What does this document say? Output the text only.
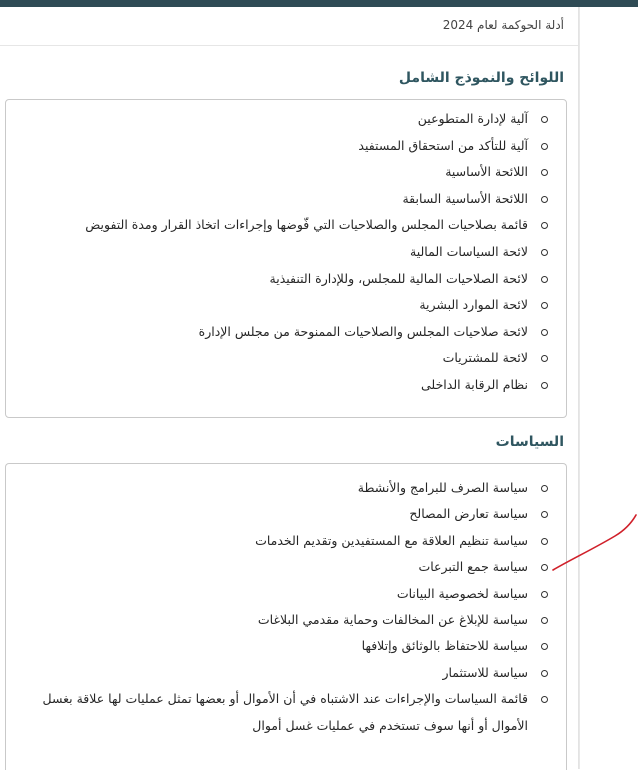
أدلة الحوكمة لعام 2024
اللوائح والنموذج الشامل
آلية لإدارة المتطوعين
آلية للتأكد من استحقاق المستفيد
اللائحة الأساسية
اللائحة الأساسية السابقة
قائمة بصلاحيات المجلس والصلاحيات التي فّوضها وإجراءات اتخاذ القرار ومدة التفويض
لائحة السياسات المالية
لائحة الصلاحيات المالية للمجلس، وللإدارة التنفيذية
لائحة الموارد البشرية
لائحة صلاحيات المجلس والصلاحيات الممنوحة من مجلس الإدارة
لائحة للمشتريات
نظام الرقابة الداخلى
السياسات
سياسة الصرف للبرامج والأنشطة
سياسة تعارض المصالح
سياسة تنظيم العلاقة مع المستفيدين وتقديم الخدمات
سياسة جمع التبرعات
سياسة لخصوصية البيانات
سياسة للإبلاغ عن المخالفات وحماية مقدمي البلاغات
سياسة للاحتفاظ بالوثائق وإتلافها
سياسة للاستثمار
قائمة السياسات والإجراءات عند الاشتباه في أن الأموال أو بعضها تمثل عمليات لها علاقة بغسل الأموال أو أنها سوف تستخدم في عمليات غسل أموال
